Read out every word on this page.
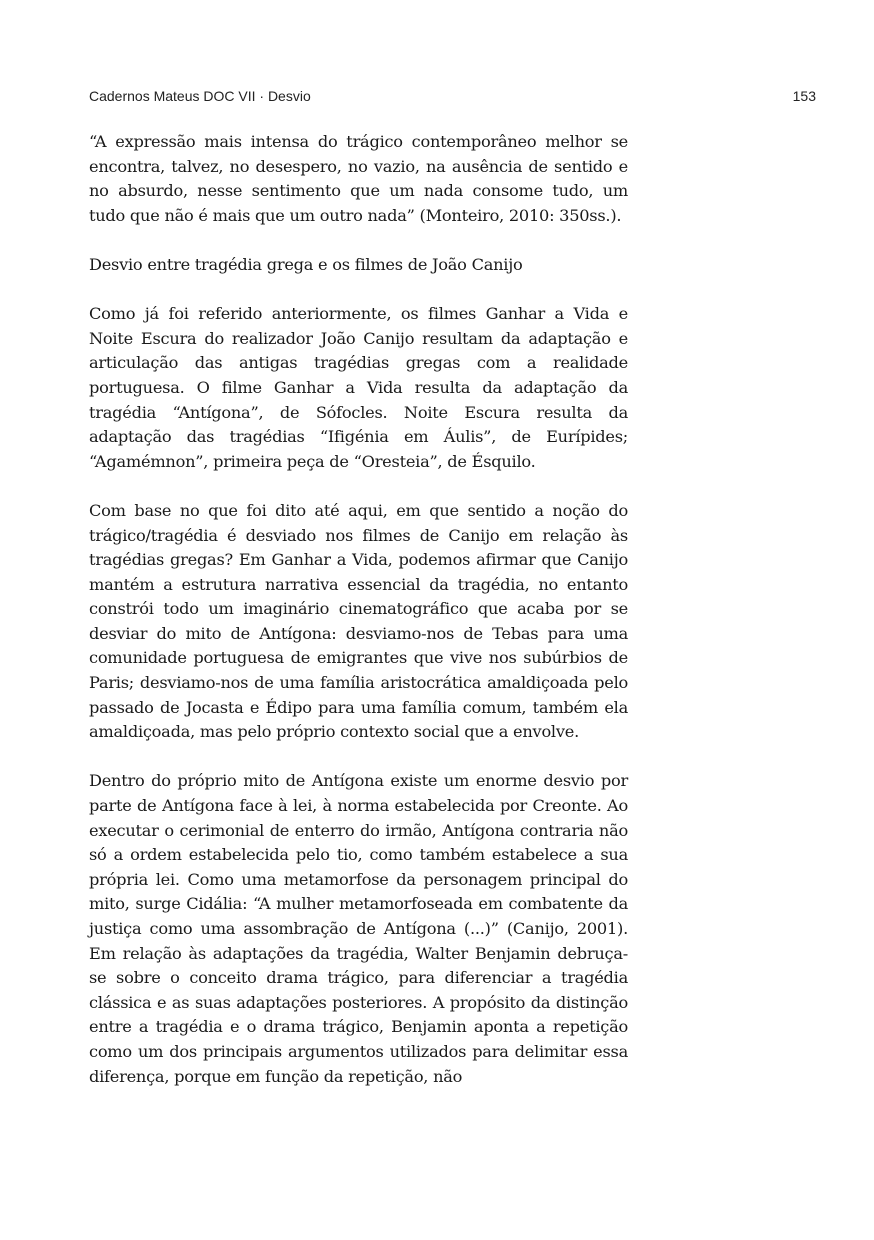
Cadernos Mateus DOC VII · Desvio	153

“A expressão mais intensa do trágico contemporâneo melhor se encontra, talvez, no desespero, no vazio, na ausência de sentido e no absurdo, nesse sentimento que um nada consome tudo, um tudo que não é mais que um outro nada” (Monteiro, 2010: 350ss.).

Desvio entre tragédia grega e os filmes de João Canijo

Como já foi referido anteriormente, os filmes Ganhar a Vida e Noite Escura do realizador João Canijo resultam da adaptação e articulação das antigas tragédias gregas com a realidade portuguesa. O filme Ganhar a Vida resulta da adaptação da tragédia “Antígona”, de Sófocles. Noite Escura resulta da adaptação das tragédias “Ifigénia em Áulis”, de Eurípides; “Agamémnon”, primeira peça de “Oresteia”, de Ésquilo.

Com base no que foi dito até aqui, em que sentido a noção do trágico/tragédia é desviado nos filmes de Canijo em relação às tragédias gregas? Em Ganhar a Vida, podemos afirmar que Canijo mantém a estrutura narrativa essencial da tragédia, no entanto constrói todo um imaginário cinematográfico que acaba por se desviar do mito de Antígona: desviamo-nos de Tebas para uma comunidade portuguesa de emigrantes que vive nos subúrbios de Paris; desviamo-nos de uma família aristocrática amaldiçoada pelo passado de Jocasta e Édipo para uma família comum, também ela amaldiçoada, mas pelo próprio contexto social que a envolve.

Dentro do próprio mito de Antígona existe um enorme desvio por parte de Antígona face à lei, à norma estabelecida por Creonte. Ao executar o cerimonial de enterro do irmão, Antígona contraria não só a ordem estabelecida pelo tio, como também estabelece a sua própria lei. Como uma metamorfose da personagem principal do mito, surge Cidália: “A mulher metamorfoseada em combatente da justiça como uma assombração de Antígona (...)” (Canijo, 2001). Em relação às adaptações da tragédia, Walter Benjamin debruça-se sobre o conceito drama trágico, para diferenciar a tragédia clássica e as suas adaptações posteriores. A propósito da distinção entre a tragédia e o drama trágico, Benjamin aponta a repetição como um dos principais argumentos utilizados para delimitar essa diferença, porque em função da repetição, não
